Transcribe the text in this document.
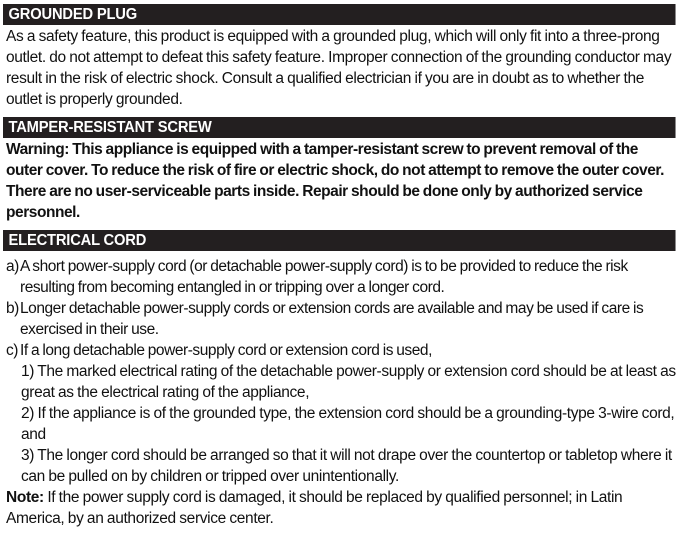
GROUNDED PLUG
As a safety feature, this product is equipped with a grounded plug, which will only fit into a three-prong outlet. do not attempt to defeat this safety feature. Improper connection of the grounding conductor may result in the risk of electric shock. Consult a qualified electrician if you are in doubt as to whether the outlet is properly grounded.
TAMPER-RESISTANT SCREW
Warning: This appliance is equipped with a tamper-resistant screw to prevent removal of the outer cover. To reduce the risk of fire or electric shock, do not attempt to remove the outer cover. There are no user-serviceable parts inside. Repair should be done only by authorized service personnel.
ELECTRICAL CORD
a) A short power-supply cord (or detachable power-supply cord) is to be provided to reduce the risk resulting from becoming entangled in or tripping over a longer cord.
b) Longer detachable power-supply cords or extension cords are available and may be used if care is exercised in their use.
c) If a long detachable power-supply cord or extension cord is used,
1) The marked electrical rating of the detachable power-supply or extension cord should be at least as great as the electrical rating of the appliance,
2) If the appliance is of the grounded type, the extension cord should be a grounding-type 3-wire cord, and
3) The longer cord should be arranged so that it will not drape over the countertop or tabletop where it can be pulled on by children or tripped over unintentionally.
Note: If the power supply cord is damaged, it should be replaced by qualified personnel; in Latin America, by an authorized service center.
